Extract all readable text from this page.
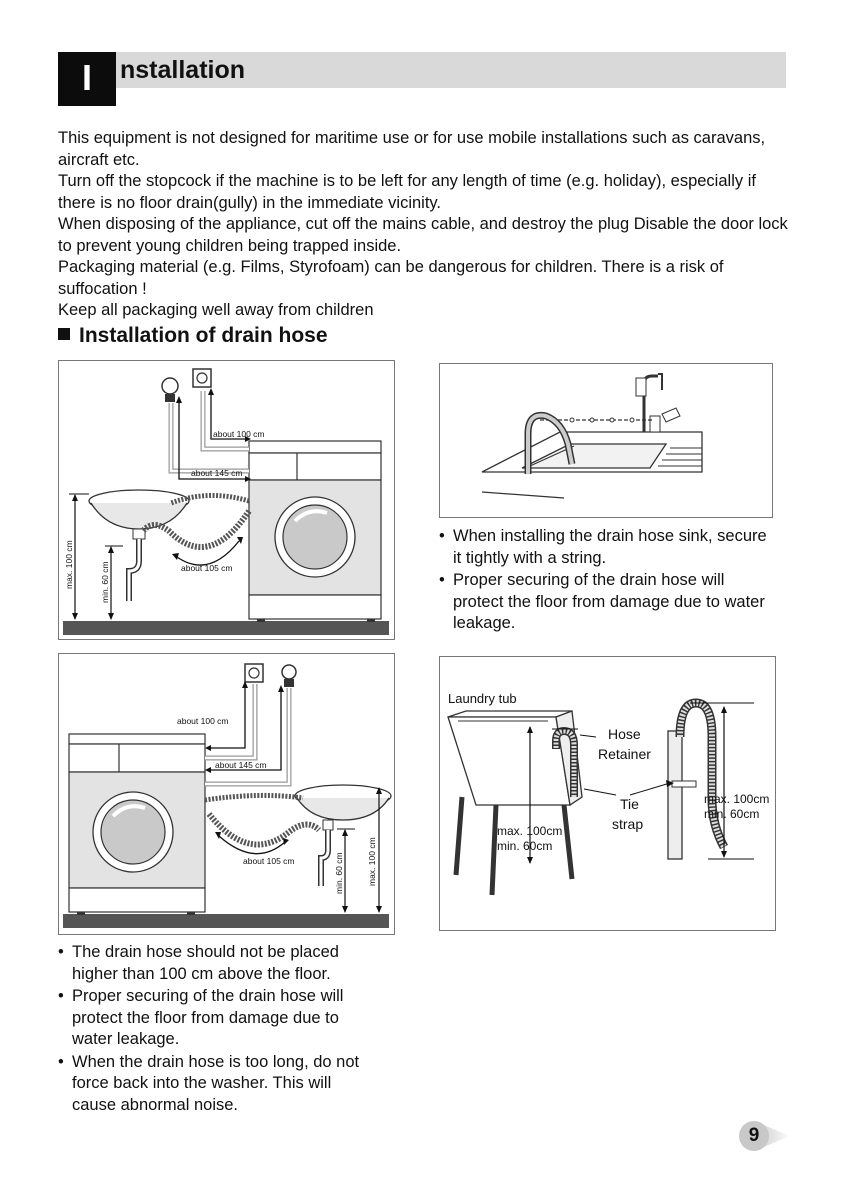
I	nstallation

This equipment is not designed for maritime use or for use mobile installations such as caravans, aircraft etc.

Turn off the stopcock if the machine is to be left for any length of time (e.g. holiday), especially if there is no floor drain(gully) in the immediate vicinity.

When disposing of the appliance, cut off the mains cable, and destroy the plug Disable the door lock to prevent young children being trapped inside.

Packaging material (e.g. Films, Styrofoam) can be dangerous for children. There is a risk of suffocation !

Keep all packaging well away from children

Installation of drain hose
about 100 cm
about 145 cm
about 105 cm
max. 100 cm	min. 60 cm
• When installing the drain hose sink, secure it tightly with a string.
• Proper securing of the drain hose will protect the floor from damage due to water leakage.
about 100 cm
about 145 cm
about 105 cm	min. 60 cm	max. 100 cm
• The drain hose should not be placed higher than 100 cm above the floor.
• Proper securing of the drain hose will protect the floor from damage due to water leakage.
• When the drain hose is too long, do not force back into the washer. This will cause abnormal noise.
Laundry tub
Hose
Retainer
Tie
strap
max. 100cm
min. 60cm
max. 100cm
min. 60cm
9
